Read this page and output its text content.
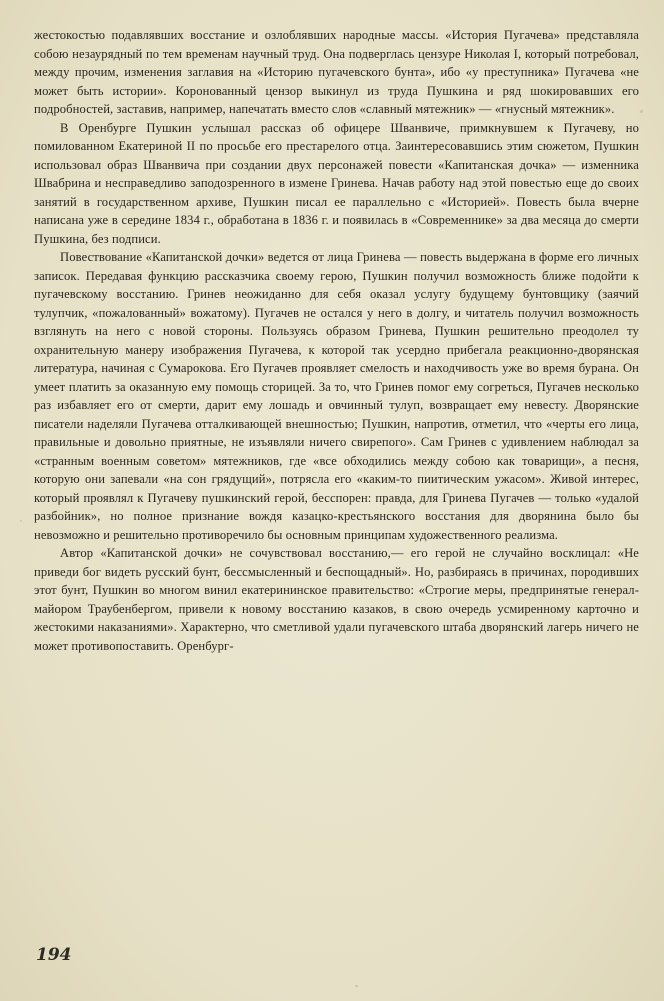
жестокостью подавлявших восстание и озлоблявших народные массы. «История Пугачева» представляла собою незаурядный по тем временам научный труд. Она подверглась цензуре Николая I, который потребовал, между прочим, изменения заглавия на «Историю пугачевского бунта», ибо «у преступника» Пугачева «не может быть истории». Коронованный цензор выкинул из труда Пушкина и ряд шокировавших его подробностей, заставив, например, напечатать вместо слов «славный мятежник» — «гнусный мятежник».

В Оренбурге Пушкин услышал рассказ об офицере Шванвиче, примкнувшем к Пугачеву, но помилованном Екатериной II по просьбе его престарелого отца. Заинтересовавшись этим сюжетом, Пушкин использовал образ Шванвича при создании двух персонажей повести «Капитанская дочка» — изменника Швабрина и несправедливо заподозренного в измене Гринева. Начав работу над этой повестью еще до своих занятий в государственном архиве, Пушкин писал ее параллельно с «Историей». Повесть была вчерне написана уже в середине 1834 г., обработана в 1836 г. и появилась в «Современнике» за два месяца до смерти Пушкина, без подписи.

Повествование «Капитанской дочки» ведется от лица Гринева — повесть выдержана в форме его личных записок. Передавая функцию рассказчика своему герою, Пушкин получил возможность ближе подойти к пугачевскому восстанию. Гринев неожиданно для себя оказал услугу будущему бунтовщику (заячий тулупчик, «пожалованный» вожатому). Пугачев не остался у него в долгу, и читатель получил возможность взглянуть на него с новой стороны. Пользуясь образом Гринева, Пушкин решительно преодолел ту охранительную манеру изображения Пугачева, к которой так усердно прибегала реакционно-дворянская литература, начиная с Сумарокова. Его Пугачев проявляет смелость и находчивость уже во время бурана. Он умеет платить за оказанную ему помощь сторицей. За то, что Гринев помог ему согреться, Пугачев несколько раз избавляет его от смерти, дарит ему лошадь и овчинный тулуп, возвращает ему невесту. Дворянские писатели наделяли Пугачева отталкивающей внешностью; Пушкин, напротив, отметил, что «черты его лица, правильные и довольно приятные, не изъявляли ничего свирепого». Сам Гринев с удивлением наблюдал за «странным военным советом» мятежников, где «все обходились между собою как товарищи», а песня, которую они запевали «на сон грядущий», потрясла его «каким-то пиитическим ужасом». Живой интерес, который проявлял к Пугачеву пушкинский герой, бесспорен: правда, для Гринева Пугачев — только «удалой разбойник», но полное признание вождя казацко-крестьянского восстания для дворянина было бы невозможно и решительно противоречило бы основным принципам художественного реализма.

Автор «Капитанской дочки» не сочувствовал восстанию,— его герой не случайно восклицал: «Не приведи бог видеть русский бунт, бессмысленный и беспощадный». Но, разбираясь в причинах, породивших этот бунт, Пушкин во многом винил екатерининское правительство: «Строгие меры, предпринятые генерал-майором Траубенбергом, привели к новому восстанию казаков, в свою очередь усмиренному карточно и жестокими наказаниями». Характерно, что сметливой удали пугачевского штаба дворянский лагерь ничего не может противопоставить. Оренбург-

194
